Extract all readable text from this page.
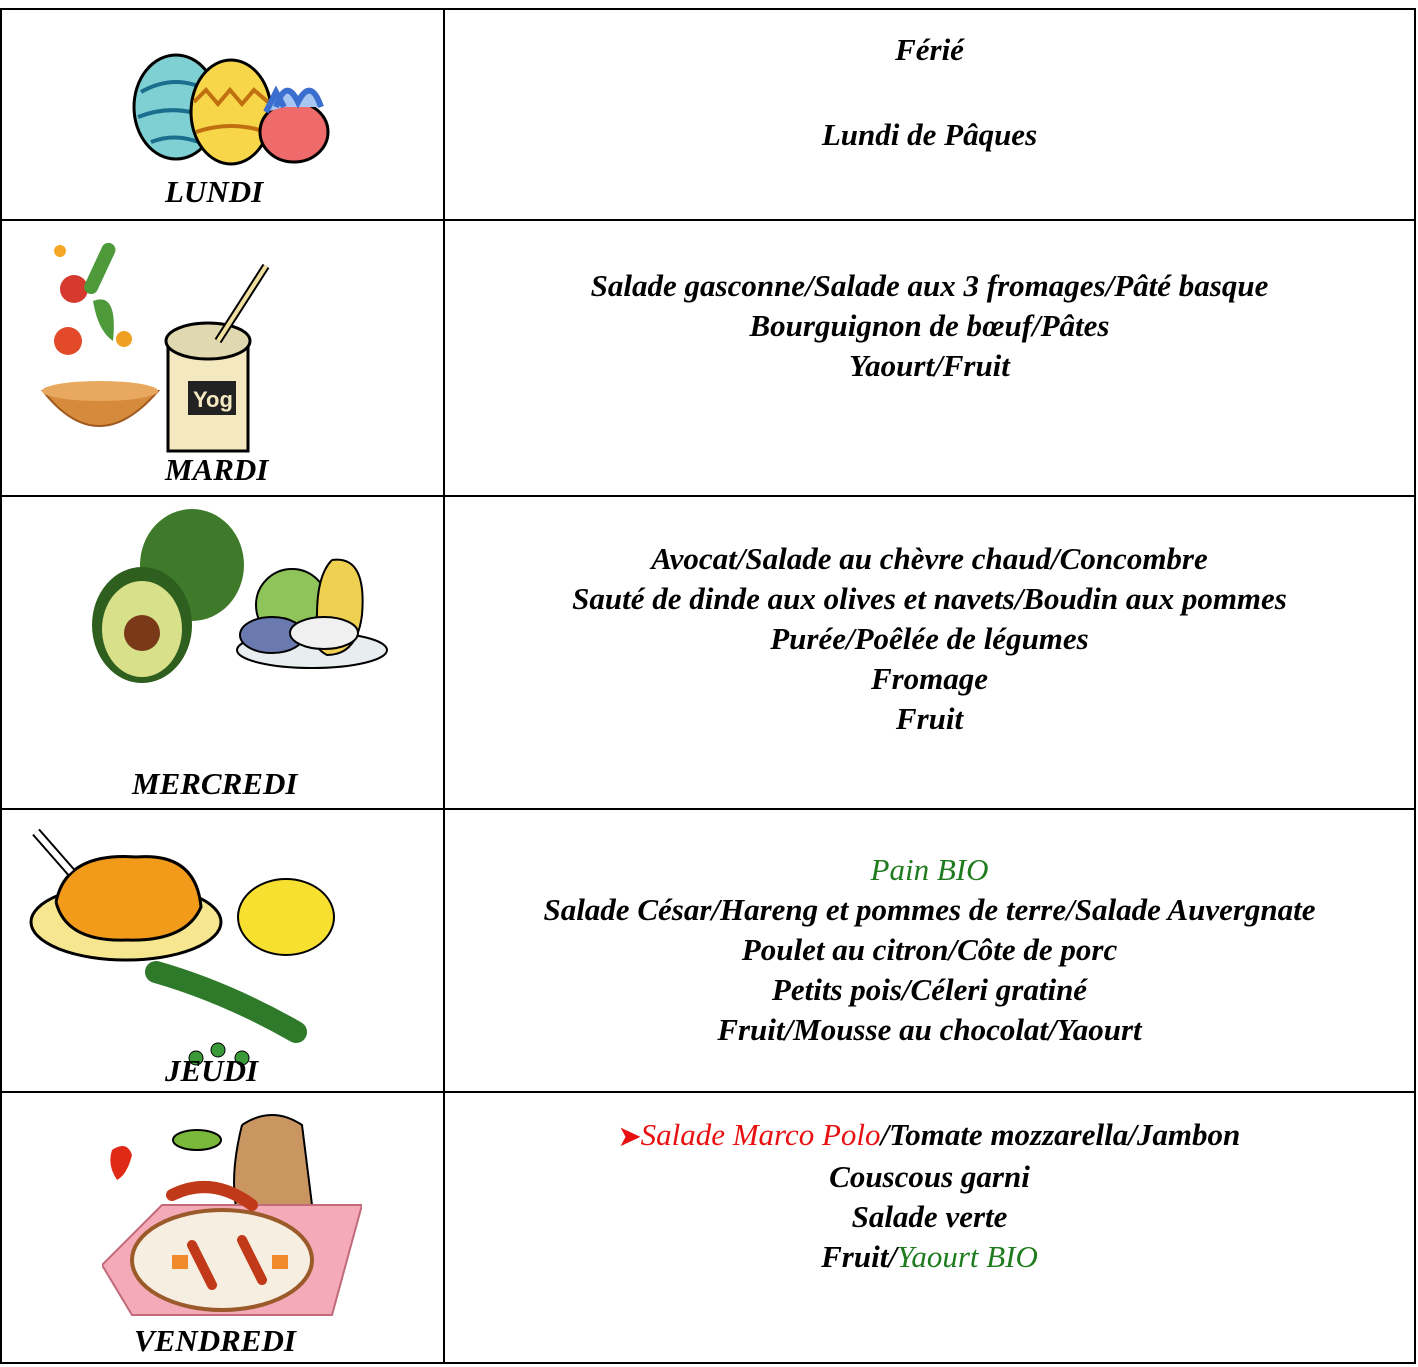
LUNDI	Férié
Lundi de Pâques

Yog
MARDI	Salade gasconne/Salade aux 3 fromages/Pâté basque
Bourguignon de bœuf/Pâtes
Yaourt/Fruit

MERCREDI	Avocat/Salade au chèvre chaud/Concombre
Sauté de dinde aux olives et navets/Boudin aux pommes
Purée/Poêlée de légumes
Fromage
Fruit

JEUDI	Pain BIO
Salade César/Hareng et pommes de terre/Salade Auvergnate
Poulet au citron/Côte de porc
Petits pois/Céleri gratiné
Fruit/Mousse au chocolat/Yaourt

VENDREDI	➤Salade Marco Polo/Tomate mozzarella/Jambon
Couscous garni
Salade verte
Fruit/Yaourt BIO
